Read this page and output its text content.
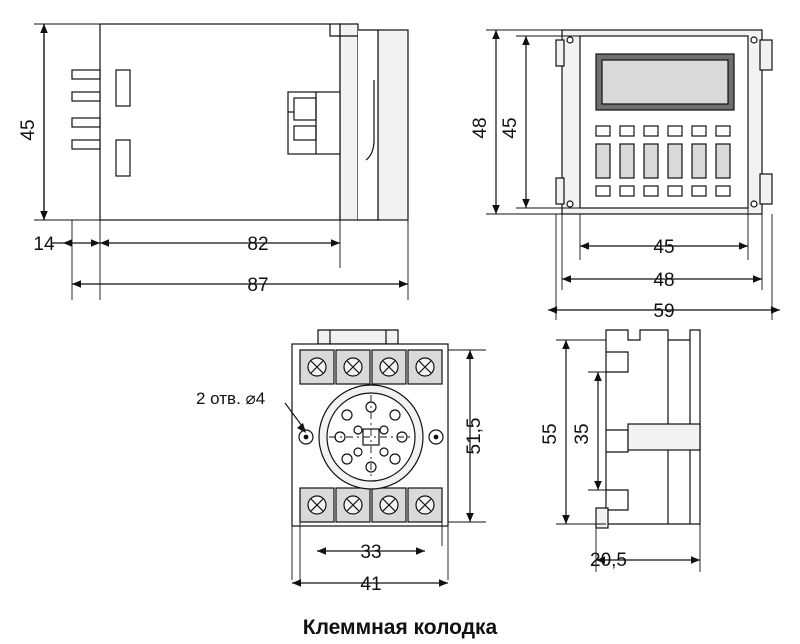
45
14	82
87
48 45
45
48
59
2 отв. ⌀4
51,5
33
41
55 35
20,5
Клеммная колодка
